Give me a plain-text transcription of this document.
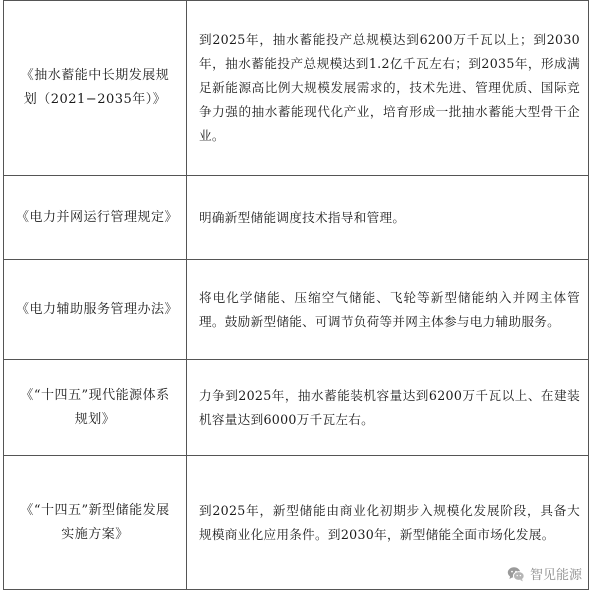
《抽水蓄能中长期发展规划（2021−2035年）》	到2025年，抽水蓄能投产总规模达到6200万千瓦以上；到2030年，抽水蓄能投产总规模达到1.2亿千瓦左右；到2035年，形成满足新能源高比例大规模发展需求的，技术先进、管理优质、国际竞争力强的抽水蓄能现代化产业，培育形成一批抽水蓄能大型骨干企业。
《电力并网运行管理规定》	明确新型储能调度技术指导和管理。
《电力辅助服务管理办法》	将电化学储能、压缩空气储能、飞轮等新型储能纳入并网主体管理。鼓励新型储能、可调节负荷等并网主体参与电力辅助服务。
《“十四五”现代能源体系规划》	力争到2025年，抽水蓄能装机容量达到6200万千瓦以上、在建装机容量达到6000万千瓦左右。
《“十四五”新型储能发展实施方案》	到2025年，新型储能由商业化初期步入规模化发展阶段，具备大规模商业化应用条件。到2030年，新型储能全面市场化发展。
智见能源
